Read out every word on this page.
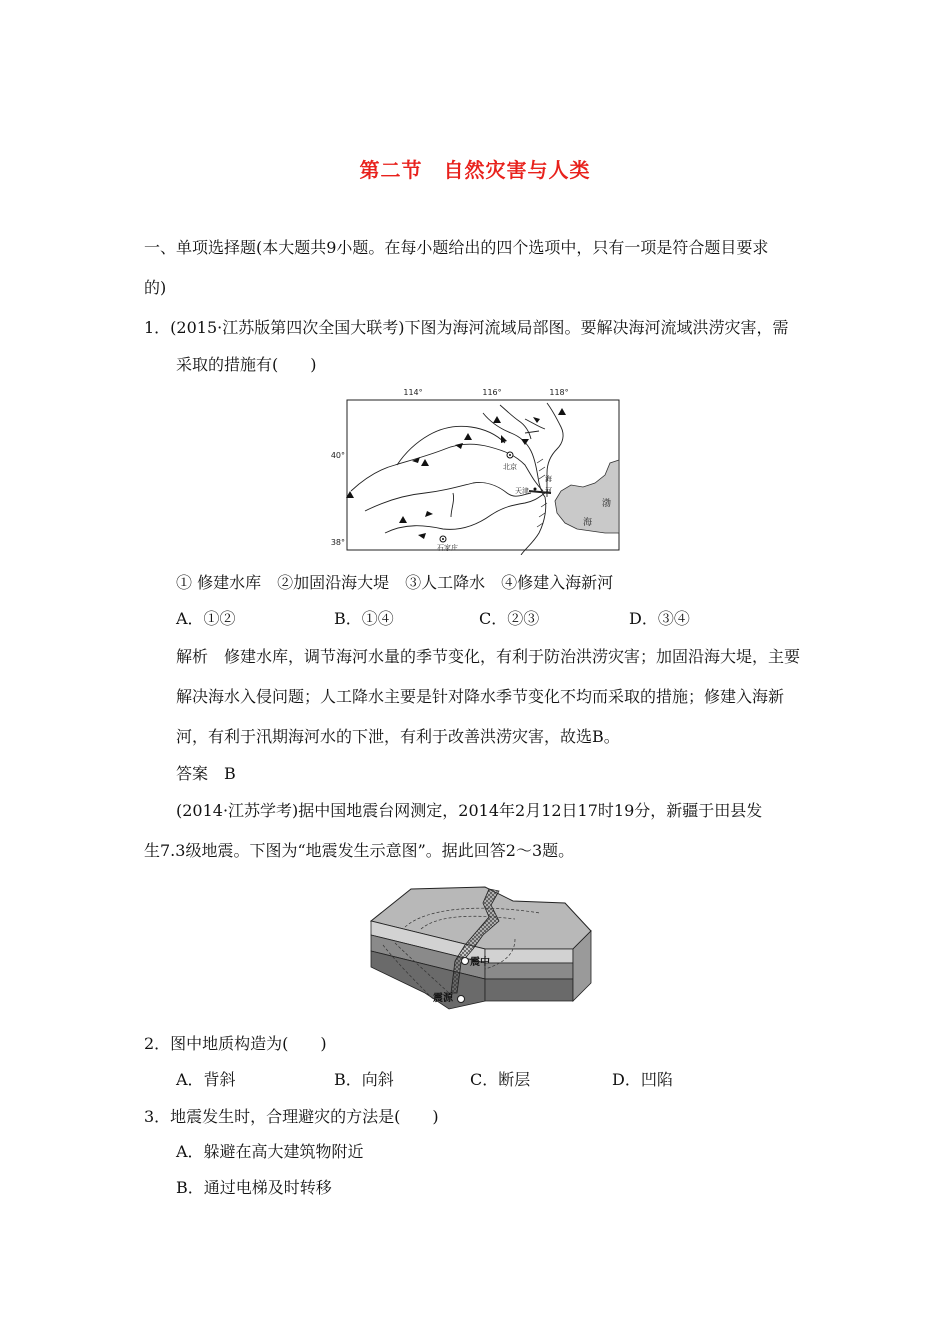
第二节　自然灾害与人类
一、单项选择题(本大题共9小题。在每小题给出的四个选项中，只有一项是符合题目要求
的)
1．(2015·江苏版第四次全国大联考)下图为海河流域局部图。要解决海河流域洪涝灾害，需
采取的措施有(　　)
114°	116°	118°
40°
38°
渤
海
北京
天津
石家庄
海
河
① 修建水库　②加固沿海大堤　③人工降水　④修建入海新河
A．①②	B．①④	C．②③	D．③④
解析　修建水库，调节海河水量的季节变化，有利于防治洪涝灾害；加固沿海大堤，主要
解决海水入侵问题；人工降水主要是针对降水季节变化不均而采取的措施；修建入海新
河，有利于汛期海河水的下泄，有利于改善洪涝灾害，故选B。
答案　B
(2014·江苏学考)据中国地震台网测定，2014年2月12日17时19分，新疆于田县发
生7.3级地震。下图为“地震发生示意图”。据此回答2～3题。
震中
震源
2．图中地质构造为(　　)
A．背斜	B．向斜	C．断层	D．凹陷
3．地震发生时，合理避灾的方法是(　　)
A．躲避在高大建筑物附近
B．通过电梯及时转移
